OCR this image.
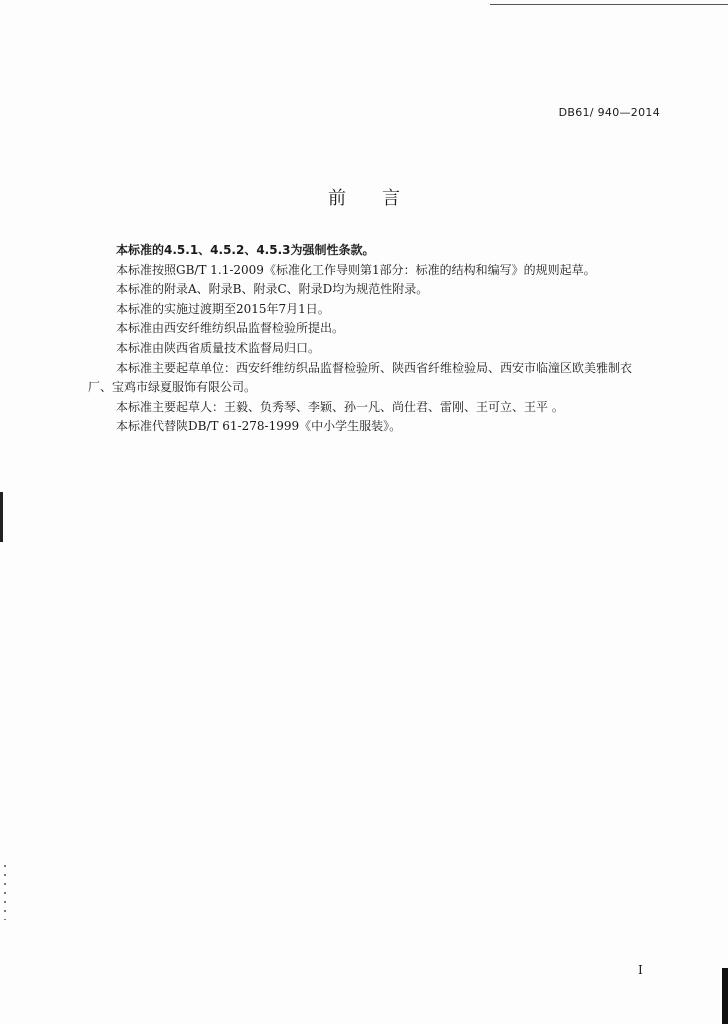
DB61/ 940—2014
前言
本标准的4.5.1、4.5.2、4.5.3为强制性条款。
本标准按照GB/T 1.1-2009《标准化工作导则第1部分：标准的结构和编写》的规则起草。
本标准的附录A、附录B、附录C、附录D均为规范性附录。
本标准的实施过渡期至2015年7月1日。
本标准由西安纤维纺织品监督检验所提出。
本标准由陕西省质量技术监督局归口。
本标准主要起草单位：西安纤维纺织品监督检验所、陕西省纤维检验局、西安市临潼区欧美雅制衣
厂、宝鸡市绿夏服饰有限公司。
本标准主要起草人：王毅、负秀琴、李颖、孙一凡、尚仕君、雷刚、王可立、王平 。
本标准代替陕DB/T 61-278-1999《中小学生服装》。
I
